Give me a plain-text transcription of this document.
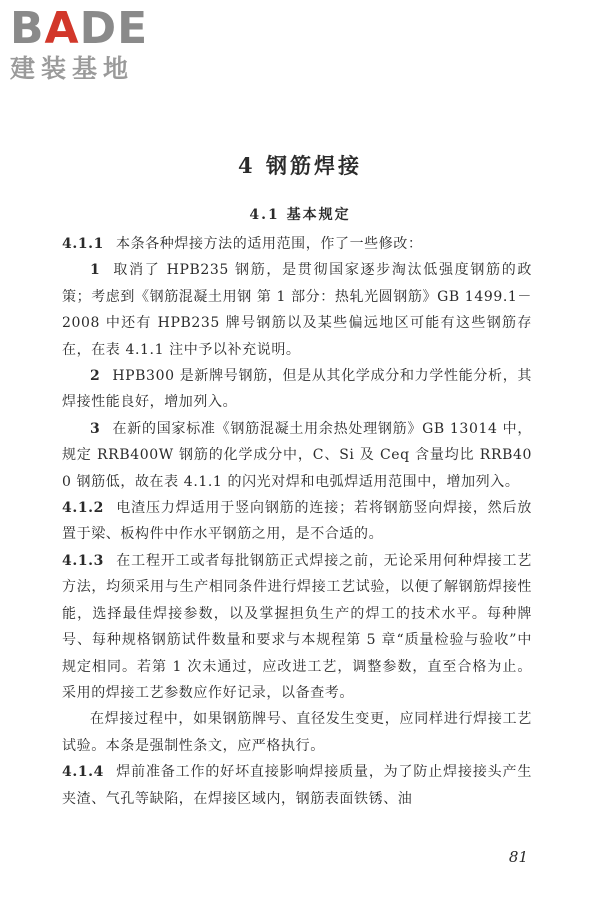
BADE
建装基地
4 钢筋焊接
4.1 基本规定

4.1.1 本条各种焊接方法的适用范围，作了一些修改：

1 取消了 HPB235 钢筋，是贯彻国家逐步淘汰低强度钢筋的政策；考虑到《钢筋混凝土用钢 第 1 部分：热轧光圆钢筋》GB 1499.1－2008 中还有 HPB235 牌号钢筋以及某些偏远地区可能有这些钢筋存在，在表 4.1.1 注中予以补充说明。

2 HPB300 是新牌号钢筋，但是从其化学成分和力学性能分析，其焊接性能良好，增加列入。

3 在新的国家标准《钢筋混凝土用余热处理钢筋》GB 13014 中，规定 RRB400W 钢筋的化学成分中，C、Si 及 Ceq 含量均比 RRB400 钢筋低，故在表 4.1.1 的闪光对焊和电弧焊适用范围中，增加列入。

4.1.2 电渣压力焊适用于竖向钢筋的连接；若将钢筋竖向焊接，然后放置于梁、板构件中作水平钢筋之用，是不合适的。

4.1.3 在工程开工或者每批钢筋正式焊接之前，无论采用何种焊接工艺方法，均须采用与生产相同条件进行焊接工艺试验，以便了解钢筋焊接性能，选择最佳焊接参数，以及掌握担负生产的焊工的技术水平。每种牌号、每种规格钢筋试件数量和要求与本规程第 5 章“质量检验与验收”中规定相同。若第 1 次未通过，应改进工艺，调整参数，直至合格为止。采用的焊接工艺参数应作好记录，以备查考。

在焊接过程中，如果钢筋牌号、直径发生变更，应同样进行焊接工艺试验。本条是强制性条文，应严格执行。

4.1.4 焊前准备工作的好坏直接影响焊接质量，为了防止焊接接头产生夹渣、气孔等缺陷，在焊接区域内，钢筋表面铁锈、油

81
